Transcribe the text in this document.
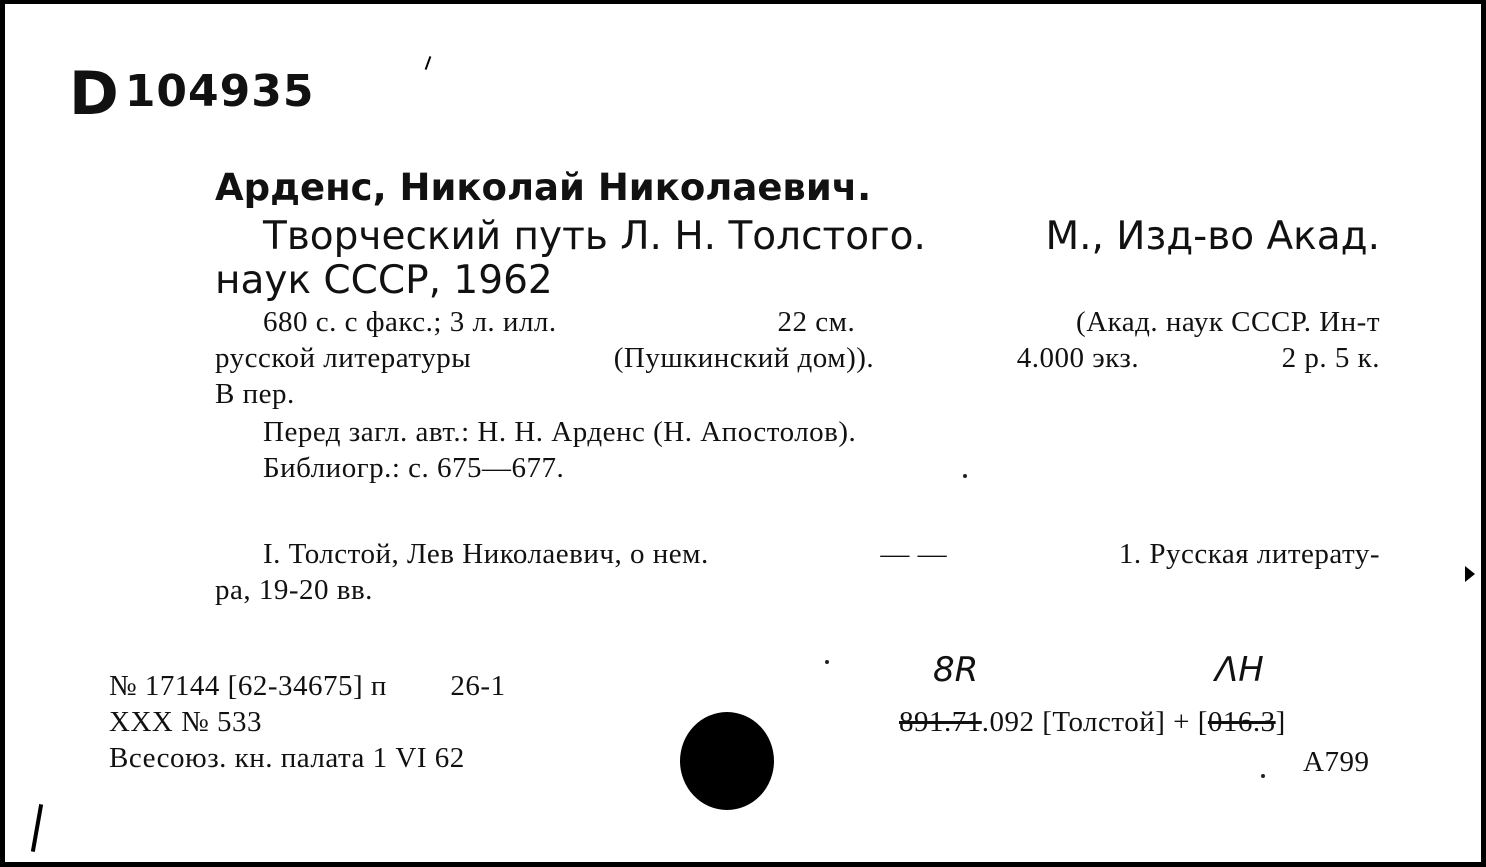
D104935
Арденс, Николай Николаевич.
Творческий путь Л. Н. Толстого.	М., Изд-во Акад.
наук СССР, 1962
680 с. с факс.; 3 л. илл.	22 см.	(Акад. наук СССР. Ин-т
русской литературы	(Пушкинский дом)).	4.000 экз.	2 р. 5 к.
В пер.
Перед загл. авт.: Н. Н. Арденс (Н. Апостолов).
Библиогр.: с. 675—677.
I. Толстой, Лев Николаевич, о нем.	— —	1. Русская литерату-
ра, 19-20 вв.
№ 17144 [62-34675] п 26-1
XXX № 533
Всесоюз. кн. палата 1 VI 62
8R	ΛH
891.71.092 [Толстой] + [016.3]
А799
